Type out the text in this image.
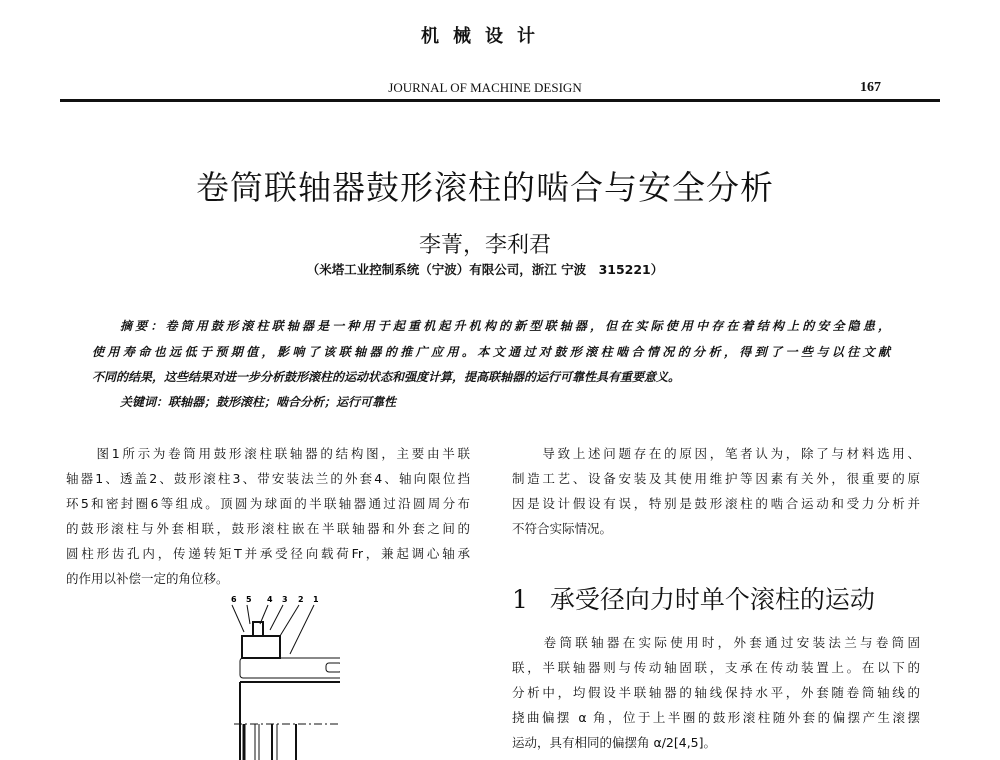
机械设计
JOURNAL OF MACHINE DESIGN	167
卷筒联轴器鼓形滚柱的啮合与安全分析
李菁，李利君
（米塔工业控制系统（宁波）有限公司，浙江 宁波　315221）
摘要：卷筒用鼓形滚柱联轴器是一种用于起重机起升机构的新型联轴器，但在实际使用中存在着结构上的安全隐患，
使用寿命也远低于预期值，影响了该联轴器的推广应用。本文通过对鼓形滚柱啮合情况的分析，得到了一些与以往文献
不同的结果，这些结果对进一步分析鼓形滚柱的运动状态和强度计算，提高联轴器的运行可靠性具有重要意义。
关键词：联轴器；鼓形滚柱；啮合分析；运行可靠性
　　图1所示为卷筒用鼓形滚柱联轴器的结构图，主要由半联
轴器1、透盖2、鼓形滚柱3、带安装法兰的外套4、轴向限位挡
环5和密封圈6等组成。顶圆为球面的半联轴器通过沿圆周分布
的鼓形滚柱与外套相联，鼓形滚柱嵌在半联轴器和外套之间的
圆柱形齿孔内，传递转矩T并承受径向载荷Fr，兼起调心轴承
的作用以补偿一定的角位移。
6 5 4 3 2 1
　　导致上述问题存在的原因，笔者认为，除了与材料选用、
制造工艺、设备安装及其使用维护等因素有关外，很重要的原
因是设计假设有误，特别是鼓形滚柱的啮合运动和受力分析并
不符合实际情况。
1 承受径向力时单个滚柱的运动
　　卷筒联轴器在实际使用时，外套通过安装法兰与卷筒固
联，半联轴器则与传动轴固联，支承在传动装置上。在以下的
分析中，均假设半联轴器的轴线保持水平，外套随卷筒轴线的
挠曲偏摆 α 角，位于上半圈的鼓形滚柱随外套的偏摆产生滚摆
运动，具有相同的偏摆角 α/2[4,5]。
